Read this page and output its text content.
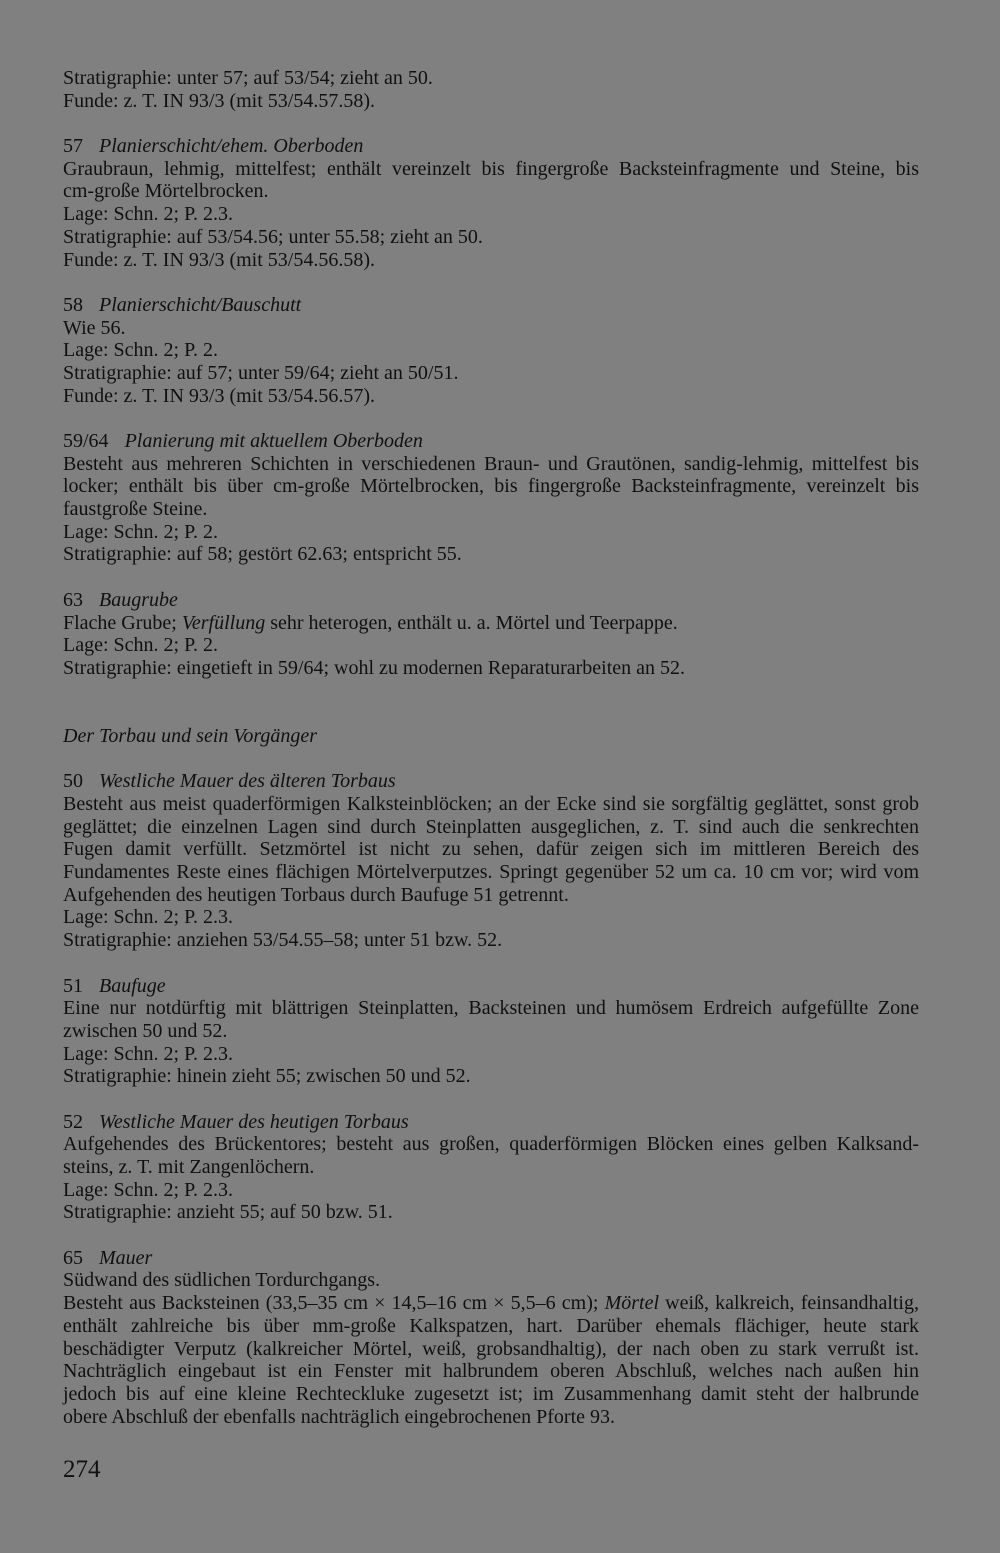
Stratigraphie: unter 57; auf 53/54; zieht an 50.
Funde: z. T. IN 93/3 (mit 53/54.57.58).
57 Planierschicht/ehem. Oberboden
Graubraun, lehmig, mittelfest; enthält vereinzelt bis fingergroße Backsteinfragmente und Steine, bis
cm-große Mörtelbrocken.
Lage: Schn. 2; P. 2.3.
Stratigraphie: auf 53/54.56; unter 55.58; zieht an 50.
Funde: z. T. IN 93/3 (mit 53/54.56.58).
58 Planierschicht/Bauschutt
Wie 56.
Lage: Schn. 2; P. 2.
Stratigraphie: auf 57; unter 59/64; zieht an 50/51.
Funde: z. T. IN 93/3 (mit 53/54.56.57).
59/64 Planierung mit aktuellem Oberboden
Besteht aus mehreren Schichten in verschiedenen Braun- und Grautönen, sandig-lehmig, mittelfest bis
locker; enthält bis über cm-große Mörtelbrocken, bis fingergroße Backsteinfragmente, vereinzelt bis
faustgroße Steine.
Lage: Schn. 2; P. 2.
Stratigraphie: auf 58; gestört 62.63; entspricht 55.
63 Baugrube
Flache Grube; Verfüllung sehr heterogen, enthält u. a. Mörtel und Teerpappe.
Lage: Schn. 2; P. 2.
Stratigraphie: eingetieft in 59/64; wohl zu modernen Reparaturarbeiten an 52.
Der Torbau und sein Vorgänger
50 Westliche Mauer des älteren Torbaus
Besteht aus meist quaderförmigen Kalksteinblöcken; an der Ecke sind sie sorgfältig geglättet, sonst grob
geglättet; die einzelnen Lagen sind durch Steinplatten ausgeglichen, z. T. sind auch die senkrechten
Fugen damit verfüllt. Setzmörtel ist nicht zu sehen, dafür zeigen sich im mittleren Bereich des
Fundamentes Reste eines flächigen Mörtelverputzes. Springt gegenüber 52 um ca. 10 cm vor; wird vom
Aufgehenden des heutigen Torbaus durch Baufuge 51 getrennt.
Lage: Schn. 2; P. 2.3.
Stratigraphie: anziehen 53/54.55–58; unter 51 bzw. 52.
51 Baufuge
Eine nur notdürftig mit blättrigen Steinplatten, Backsteinen und humösem Erdreich aufgefüllte Zone
zwischen 50 und 52.
Lage: Schn. 2; P. 2.3.
Stratigraphie: hinein zieht 55; zwischen 50 und 52.
52 Westliche Mauer des heutigen Torbaus
Aufgehendes des Brückentores; besteht aus großen, quaderförmigen Blöcken eines gelben Kalksand-
steins, z. T. mit Zangenlöchern.
Lage: Schn. 2; P. 2.3.
Stratigraphie: anzieht 55; auf 50 bzw. 51.
65 Mauer
Südwand des südlichen Tordurchgangs.
Besteht aus Backsteinen (33,5–35 cm × 14,5–16 cm × 5,5–6 cm); Mörtel weiß, kalkreich, feinsandhaltig,
enthält zahlreiche bis über mm-große Kalkspatzen, hart. Darüber ehemals flächiger, heute stark
beschädigter Verputz (kalkreicher Mörtel, weiß, grobsandhaltig), der nach oben zu stark verrußt ist.
Nachträglich eingebaut ist ein Fenster mit halbrundem oberen Abschluß, welches nach außen hin
jedoch bis auf eine kleine Rechteckluke zugesetzt ist; im Zusammenhang damit steht der halbrunde
obere Abschluß der ebenfalls nachträglich eingebrochenen Pforte 93.
274
